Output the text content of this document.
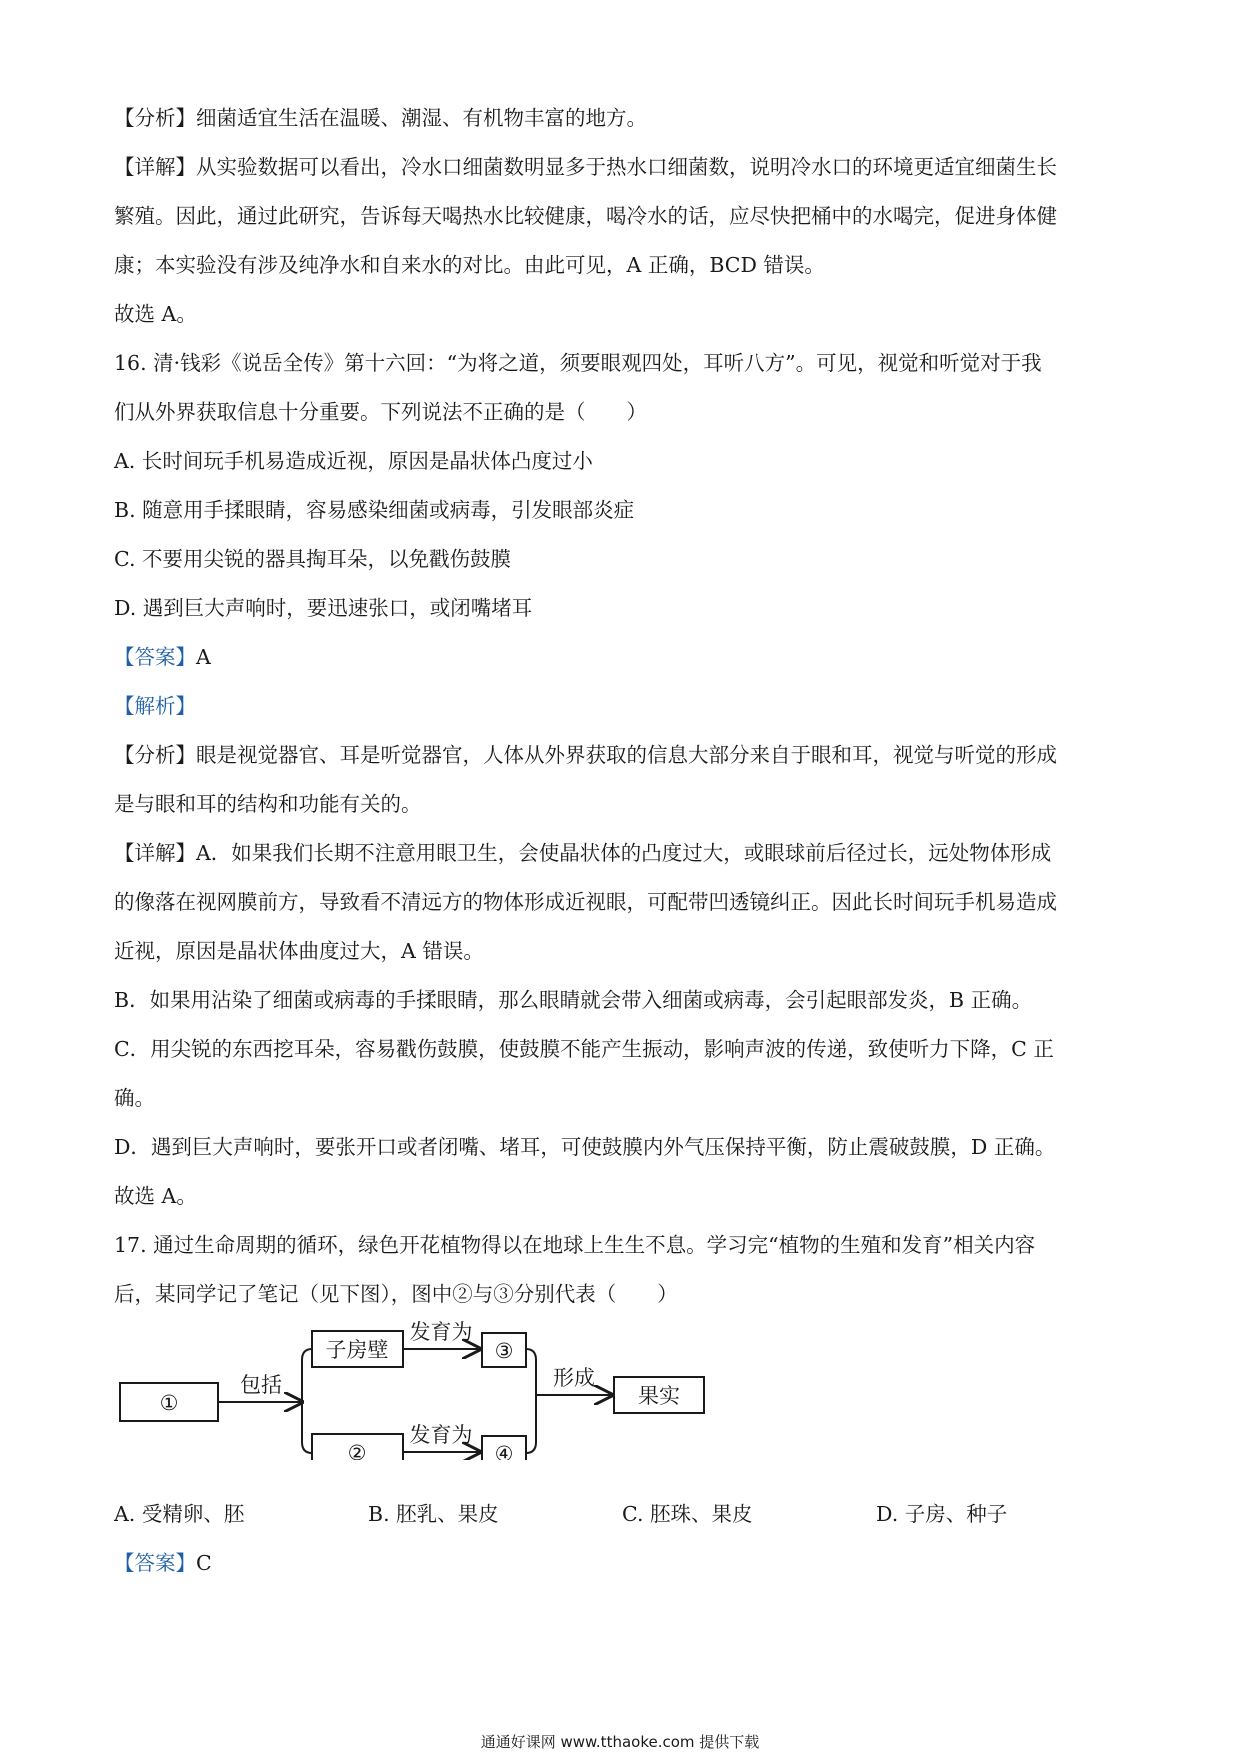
【分析】细菌适宜生活在温暖、潮湿、有机物丰富的地方。
【详解】从实验数据可以看出，冷水口细菌数明显多于热水口细菌数，说明冷水口的环境更适宜细菌生长
繁殖。因此，通过此研究，告诉每天喝热水比较健康，喝冷水的话，应尽快把桶中的水喝完，促进身体健
康；本实验没有涉及纯净水和自来水的对比。由此可见，A 正确，BCD 错误。
故选 A。
16. 清·钱彩《说岳全传》第十六回：“为将之道，须要眼观四处，耳听八方”。可见，视觉和听觉对于我
们从外界获取信息十分重要。下列说法不正确的是（　　）
A. 长时间玩手机易造成近视，原因是晶状体凸度过小
B. 随意用手揉眼睛，容易感染细菌或病毒，引发眼部炎症
C. 不要用尖锐的器具掏耳朵，以免戳伤鼓膜
D. 遇到巨大声响时，要迅速张口，或闭嘴堵耳
【答案】A
【解析】
【分析】眼是视觉器官、耳是听觉器官，人体从外界获取的信息大部分来自于眼和耳，视觉与听觉的形成
是与眼和耳的结构和功能有关的。
【详解】A．如果我们长期不注意用眼卫生，会使晶状体的凸度过大，或眼球前后径过长，远处物体形成
的像落在视网膜前方，导致看不清远方的物体形成近视眼，可配带凹透镜纠正。因此长时间玩手机易造成
近视，原因是晶状体曲度过大，A 错误。
B．如果用沾染了细菌或病毒的手揉眼睛，那么眼睛就会带入细菌或病毒，会引起眼部发炎，B 正确。
C．用尖锐的东西挖耳朵，容易戳伤鼓膜，使鼓膜不能产生振动，影响声波的传递，致使听力下降，C 正
确。
D．遇到巨大声响时，要张开口或者闭嘴、堵耳，可使鼓膜内外气压保持平衡，防止震破鼓膜，D 正确。
故选 A。
17. 通过生命周期的循环，绿色开花植物得以在地球上生生不息。学习完“植物的生殖和发育”相关内容
后，某同学记了笔记（见下图），图中②与③分别代表（　　）
①
包括
子房壁
②
发育为
发育为
③
④
形成
果实
A. 受精卵、胚	B. 胚乳、果皮	C. 胚珠、果皮	D. 子房、种子
【答案】C
通通好课网 www.tthaoke.com 提供下载
